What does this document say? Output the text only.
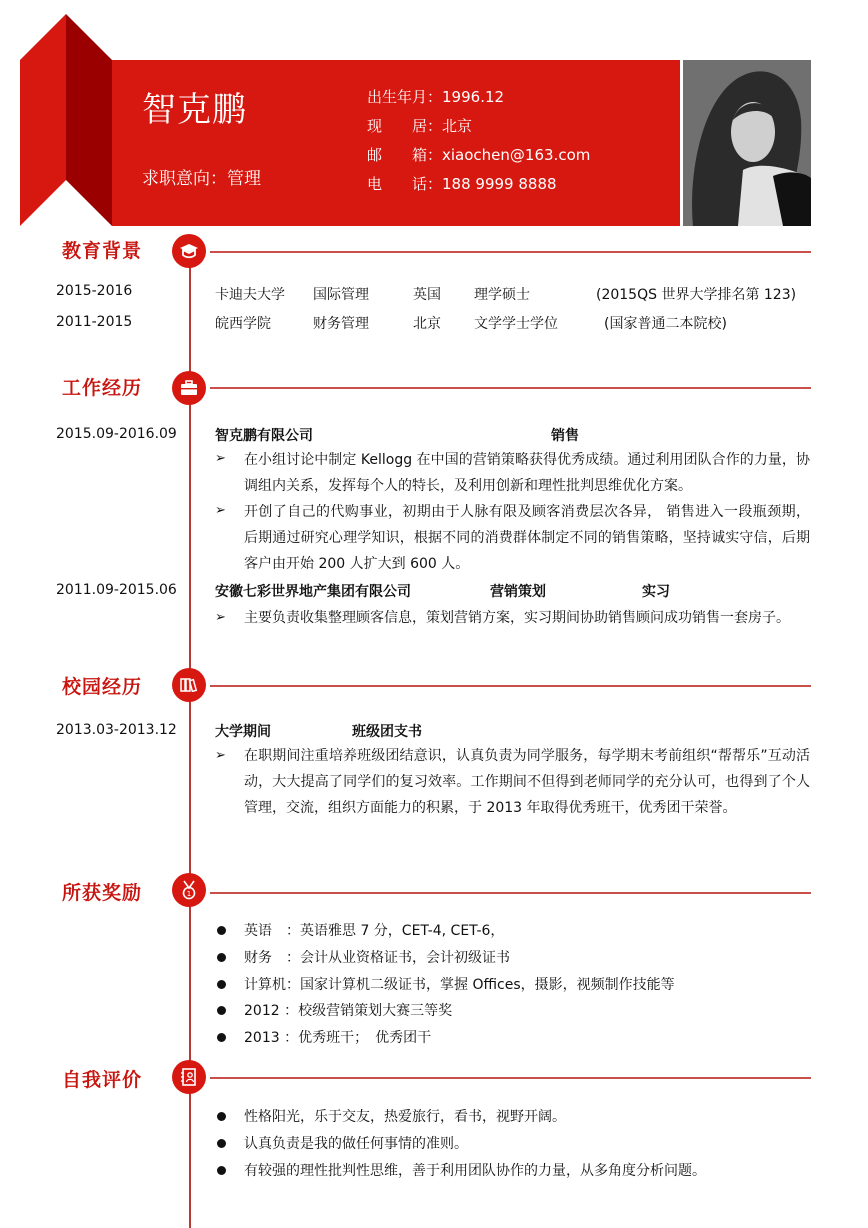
智克鹏
求职意向：管理
出生年月：1996.12
现　　居：北京
邮　　箱：xiaochen@163.com
电　　话：188 9999 8888
教育背景
2015-2016	卡迪夫大学 国际管理	英国 理学硕士	(2015QS 世界大学排名第 123)
2011-2015	皖西学院	财务管理	北京 文学学士学位	(国家普通二本院校)
工作经历
2015.09-2016.09	智克鹏有限公司	销售
➢ 在小组讨论中制定 Kellogg 在中国的营销策略获得优秀成绩。通过利用团队合作的力量，协调组内关系，发挥每个人的特长，及利用创新和理性批判思维优化方案。
➢ 开创了自己的代购事业，初期由于人脉有限及顾客消费层次各异， 销售进入一段瓶颈期， 后期通过研究心理学知识，根据不同的消费群体制定不同的销售策略，坚持诚实守信，后期客户由开始 200 人扩大到 600 人。
2011.09-2015.06	安徽七彩世界地产集团有限公司	营销策划	实习
➢ 主要负责收集整理顾客信息，策划营销方案，实习期间协助销售顾问成功销售一套房子。
校园经历
2013.03-2013.12	大学期间	班级团支书
➢ 在职期间注重培养班级团结意识，认真负责为同学服务，每学期末考前组织“帮帮乐”互动活动，大大提高了同学们的复习效率。工作期间不但得到老师同学的充分认可，也得到了个人管理，交流，组织方面能力的积累，于 2013 年取得优秀班干，优秀团干荣誉。
所获奖励	1
英语　：英语雅思 7 分，CET-4, CET-6，
财务　：会计从业资格证书，会计初级证书
计算机：国家计算机二级证书，掌握 Offices，摄影，视频制作技能等
2012 ：校级营销策划大赛三等奖
2013 ：优秀班干；　优秀团干
自我评价
性格阳光，乐于交友，热爱旅行，看书，视野开阔。
认真负责是我的做任何事情的准则。
有较强的理性批判性思维，善于利用团队协作的力量，从多角度分析问题。
